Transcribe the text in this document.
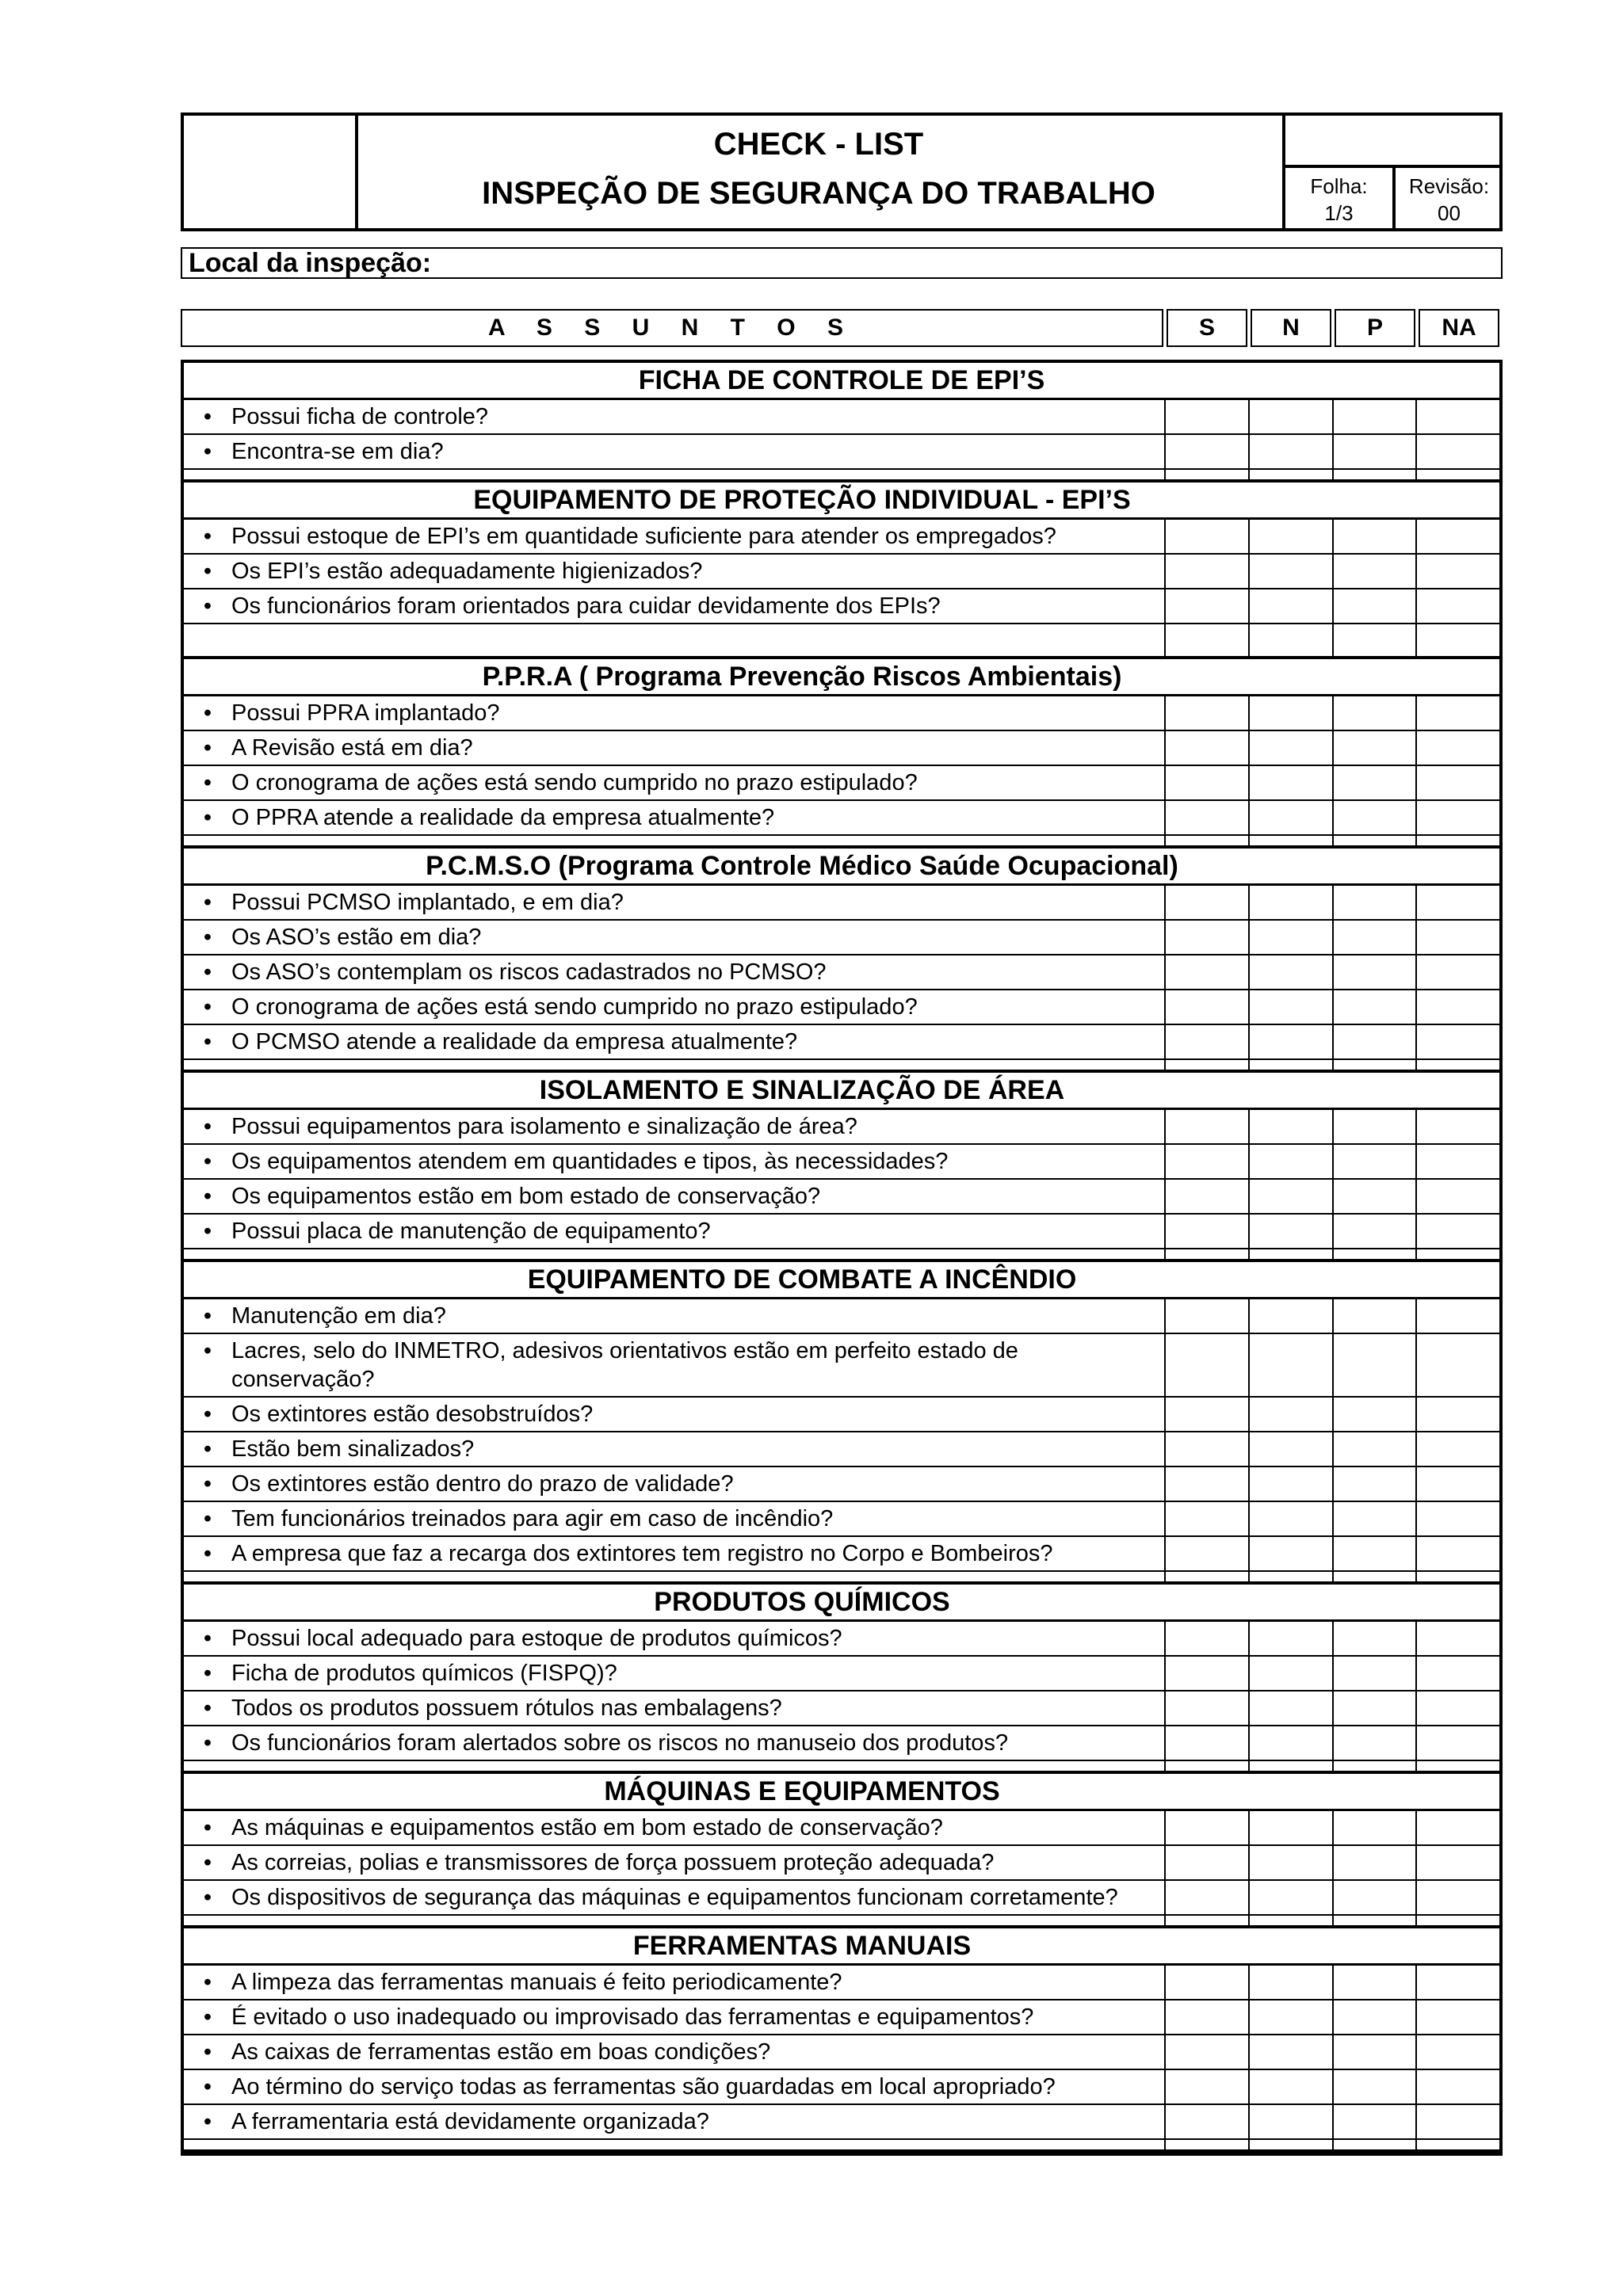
CHECK - LIST
INSPEÇÃO DE SEGURANÇA DO TRABALHO	Folha:
1/3
Revisão:
00
Local da inspeção:
A S S U N T O S	S	N	P	NA
FICHA DE CONTROLE DE EPI’S
• Possui ficha de controle?
• Encontra-se em dia?
EQUIPAMENTO DE PROTEÇÃO INDIVIDUAL - EPI’S
• Possui estoque de EPI’s em quantidade suficiente para atender os empregados?
• Os EPI’s estão adequadamente higienizados?
• Os funcionários foram orientados para cuidar devidamente dos EPIs?
P.P.R.A ( Programa Prevenção Riscos Ambientais)
• Possui PPRA implantado?
• A Revisão está em dia?
• O cronograma de ações está sendo cumprido no prazo estipulado?
• O PPRA atende a realidade da empresa atualmente?
P.C.M.S.O (Programa Controle Médico Saúde Ocupacional)
• Possui PCMSO implantado, e em dia?
• Os ASO’s estão em dia?
• Os ASO’s contemplam os riscos cadastrados no PCMSO?
• O cronograma de ações está sendo cumprido no prazo estipulado?
• O PCMSO atende a realidade da empresa atualmente?
ISOLAMENTO E SINALIZAÇÃO DE ÁREA
• Possui equipamentos para isolamento e sinalização de área?
• Os equipamentos atendem em quantidades e tipos, às necessidades?
• Os equipamentos estão em bom estado de conservação?
• Possui placa de manutenção de equipamento?
EQUIPAMENTO DE COMBATE A INCÊNDIO
• Manutenção em dia?
• Lacres, selo do INMETRO, adesivos orientativos estão em perfeito estado de conservação?
• Os extintores estão desobstruídos?
• Estão bem sinalizados?
• Os extintores estão dentro do prazo de validade?
• Tem funcionários treinados para agir em caso de incêndio?
• A empresa que faz a recarga dos extintores tem registro no Corpo e Bombeiros?
PRODUTOS QUÍMICOS
• Possui local adequado para estoque de produtos químicos?
• Ficha de produtos químicos (FISPQ)?
• Todos os produtos possuem rótulos nas embalagens?
• Os funcionários foram alertados sobre os riscos no manuseio dos produtos?
MÁQUINAS E EQUIPAMENTOS
• As máquinas e equipamentos estão em bom estado de conservação?
• As correias, polias e transmissores de força possuem proteção adequada?
• Os dispositivos de segurança das máquinas e equipamentos funcionam corretamente?
FERRAMENTAS MANUAIS
• A limpeza das ferramentas manuais é feito periodicamente?
• É evitado o uso inadequado ou improvisado das ferramentas e equipamentos?
• As caixas de ferramentas estão em boas condições?
• Ao término do serviço todas as ferramentas são guardadas em local apropriado?
• A ferramentaria está devidamente organizada?
